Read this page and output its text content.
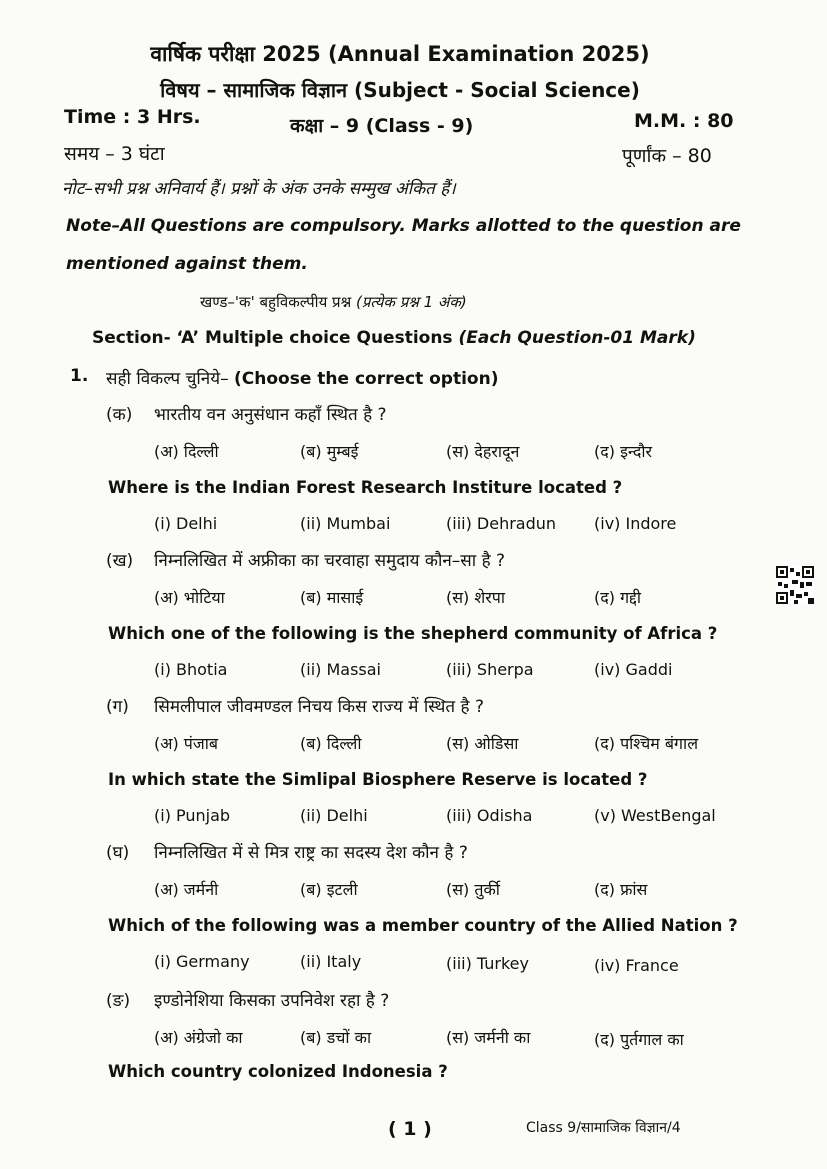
वार्षिक परीक्षा 2025 (Annual Examination 2025)
विषय – सामाजिक विज्ञान (Subject - Social Science)
Time : 3 Hrs.	कक्षा – 9 (Class - 9)	M.M. : 80
समय – 3 घंटा	पूर्णांक – 80
नोट–सभी प्रश्न अनिवार्य हैं। प्रश्नों के अंक उनके सम्मुख अंकित हैं।
Note–All Questions are compulsory. Marks allotted to the question are
mentioned against them.
खण्ड–'क' बहुविकल्पीय प्रश्न (प्रत्येक प्रश्न 1 अंक)
Section- ‘A’ Multiple choice Questions (Each Question-01 Mark)
1. सही विकल्प चुनिये– (Choose the correct option)
(क) भारतीय वन अनुसंधान कहाँ स्थित है ?
(अ) दिल्ली	(ब) मुम्बई	(स) देहरादून	(द) इन्दौर
Where is the Indian Forest Research Institure located ?
(i) Delhi	(ii) Mumbai	(iii) Dehradun (iv) Indore
(ख) निम्नलिखित में अफ्रीका का चरवाहा समुदाय कौन–सा है ?
(अ) भोटिया	(ब) मासाई	(स) शेरपा	(द) गद्दी
Which one of the following is the shepherd community of Africa ?
(i) Bhotia	(ii) Massai	(iii) Sherpa	(iv) Gaddi
(ग) सिमलीपाल जीवमण्डल निचय किस राज्य में स्थित है ?
(अ) पंजाब	(ब) दिल्ली	(स) ओडिसा	(द) पश्चिम बंगाल
In which state the Simlipal Biosphere Reserve is located ?
(i) Punjab	(ii) Delhi	(iii) Odisha	(v) WestBengal
(घ) निम्नलिखित में से मित्र राष्ट्र का सदस्य देश कौन है ?
(अ) जर्मनी	(ब) इटली	(स) तुर्की	(द) फ्रांस
Which of the following was a member country of the Allied Nation ?
(i) Germany	(ii) Italy	(iii) Turkey	(iv) France
(ङ) इण्डोनेशिया किसका उपनिवेश रहा है ?
(अ) अंग्रेजो का	(ब) डचों का	(स) जर्मनी का	(द) पुर्तगाल का
Which country colonized Indonesia ?
( 1 )	Class 9/सामाजिक विज्ञान/4
